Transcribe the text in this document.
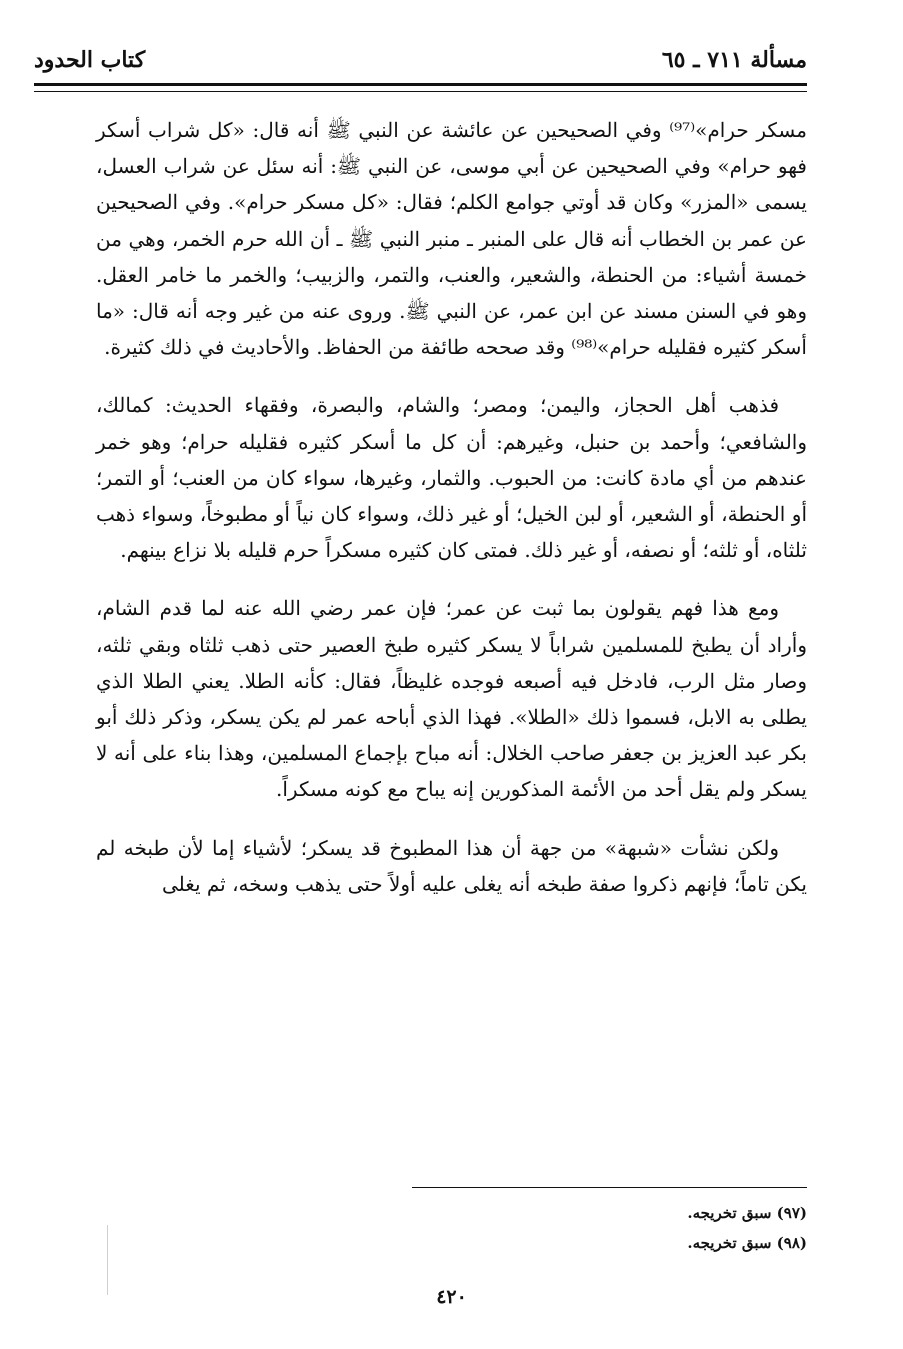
مسألة ٧١١ ـ ٦٥
كتاب الحدود

مسكر حرام»⁽⁹⁷⁾ وفي الصحيحين عن عائشة عن النبي ﷺ أنه قال: «كل شراب أسكر فهو حرام» وفي الصحيحين عن أبي موسى، عن النبي ﷺ: أنه سئل عن شراب العسل، يسمى «المزر» وكان قد أوتي جوامع الكلم؛ فقال: «كل مسكر حرام». وفي الصحيحين عن عمر بن الخطاب أنه قال على المنبر ـ منبر النبي ﷺ ـ أن الله حرم الخمر، وهي من خمسة أشياء: من الحنطة، والشعير، والعنب، والتمر، والزبيب؛ والخمر ما خامر العقل. وهو في السنن مسند عن ابن عمر، عن النبي ﷺ. وروى عنه من غير وجه أنه قال: «ما أسكر كثيره فقليله حرام»⁽⁹⁸⁾ وقد صححه طائفة من الحفاظ. والأحاديث في ذلك كثيرة.

فذهب أهل الحجاز، واليمن؛ ومصر؛ والشام، والبصرة، وفقهاء الحديث: كمالك، والشافعي؛ وأحمد بن حنبل، وغيرهم: أن كل ما أسكر كثيره فقليله حرام؛ وهو خمر عندهم من أي مادة كانت: من الحبوب. والثمار، وغيرها، سواء كان من العنب؛ أو التمر؛ أو الحنطة، أو الشعير، أو لبن الخيل؛ أو غير ذلك، وسواء كان نياً أو مطبوخاً، وسواء ذهب ثلثاه، أو ثلثه؛ أو نصفه، أو غير ذلك. فمتى كان كثيره مسكراً حرم قليله بلا نزاع بينهم.

ومع هذا فهم يقولون بما ثبت عن عمر؛ فإن عمر رضي الله عنه لما قدم الشام، وأراد أن يطبخ للمسلمين شراباً لا يسكر كثيره طبخ العصير حتى ذهب ثلثاه وبقي ثلثه، وصار مثل الرب، فادخل فيه أصبعه فوجده غليظاً، فقال: كأنه الطلا. يعني الطلا الذي يطلى به الابل، فسموا ذلك «الطلا». فهذا الذي أباحه عمر لم يكن يسكر، وذكر ذلك أبو بكر عبد العزيز بن جعفر صاحب الخلال: أنه مباح بإجماع المسلمين، وهذا بناء على أنه لا يسكر ولم يقل أحد من الأئمة المذكورين إنه يباح مع كونه مسكراً.

ولكن نشأت «شبهة» من جهة أن هذا المطبوخ قد يسكر؛ لأشياء إما لأن طبخه لم يكن تاماً؛ فإنهم ذكروا صفة طبخه أنه يغلى عليه أولاً حتى يذهب وسخه، ثم يغلى

(٩٧) سبق تخريجه.
(٩٨) سبق تخريجه.
٤٢٠
